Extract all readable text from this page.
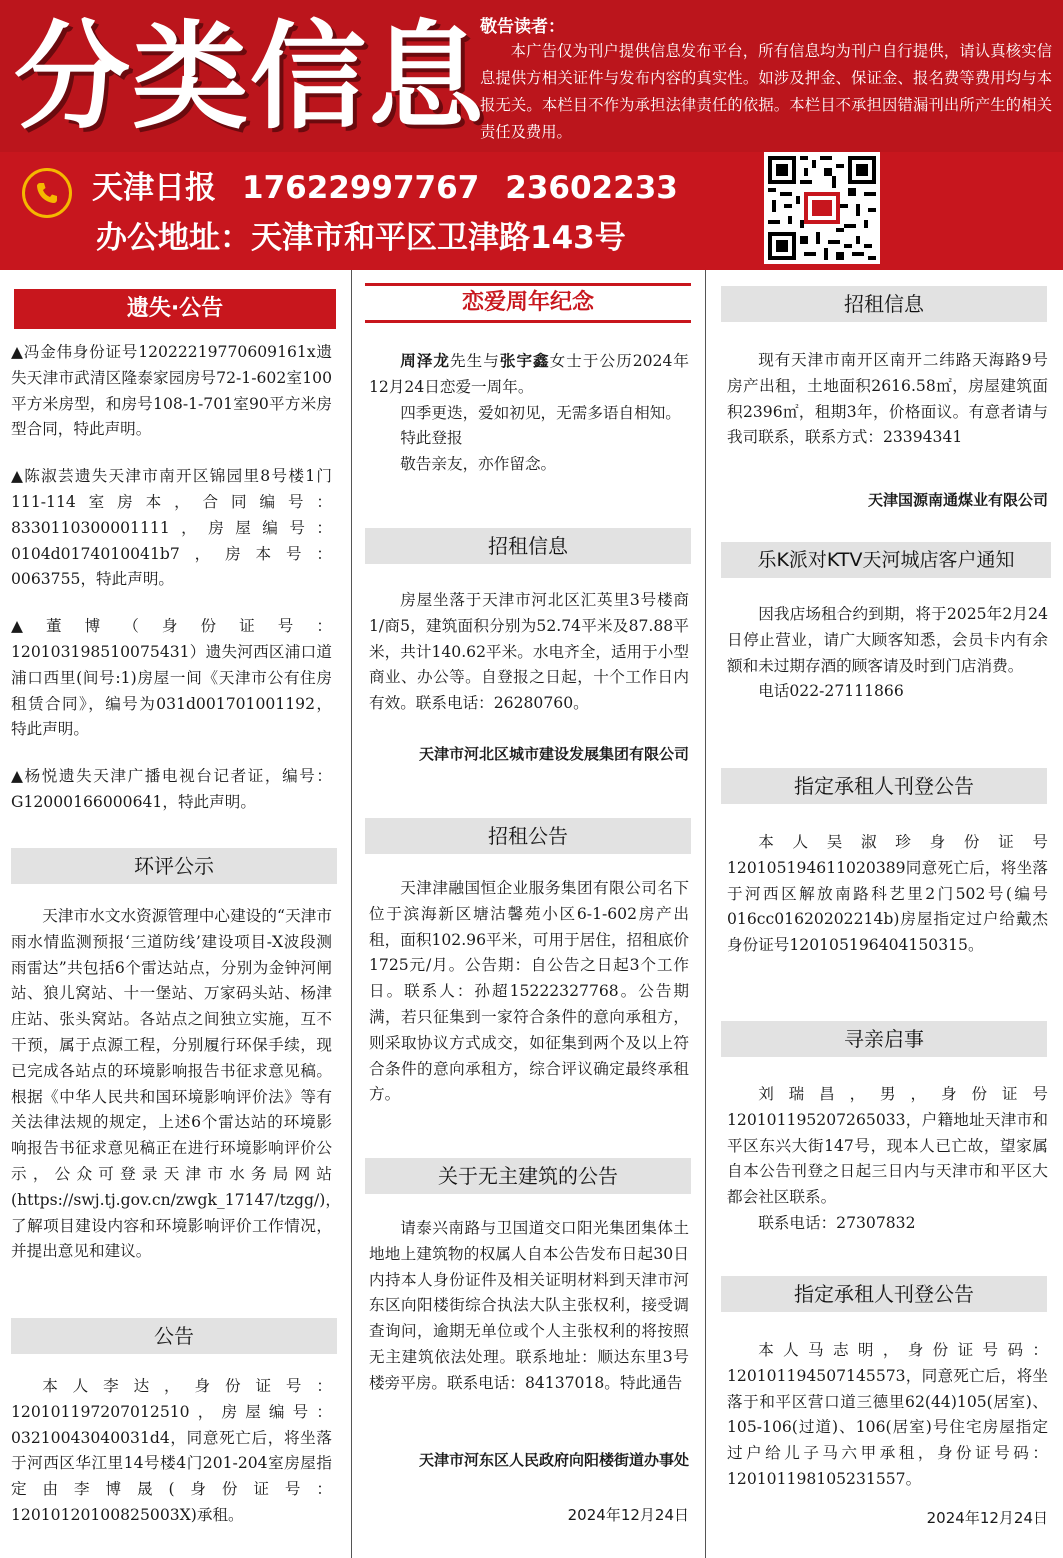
分类信息
敬告读者：
本广告仅为刊户提供信息发布平台，所有信息均为刊户自行提供，请认真核实信息提供方相关证件与发布内容的真实性。如涉及押金、保证金、报名费等费用均与本报无关。本栏目不作为承担法律责任的依据。本栏目不承担因错漏刊出所产生的相关责任及费用。
天津日报 17622997767 23602233
办公地址：天津市和平区卫津路143号
遗失·公告

▲冯金伟身份证号12022219770609161x遗失天津市武清区隆泰家园房号72-1-602室100平方米房型，和房号108-1-701室90平方米房型合同，特此声明。

▲陈淑芸遗失天津市南开区锦园里8号楼1门111-114室房本，合同编号：8330110300001111，房屋编号：0104d0174010041b7，房本号：0063755，特此声明。

▲董博（身份证号：120103198510075431）遗失河西区浦口道浦口西里(间号:1)房屋一间《天津市公有住房租赁合同》，编号为031d001701001192，特此声明。

▲杨悦遗失天津广播电视台记者证，编号：G12000166000641，特此声明。

环评公示

天津市水文水资源管理中心建设的“天津市雨水情监测预报‘三道防线’建设项目-X波段测雨雷达”共包括6个雷达站点，分别为金钟河闸站、狼儿窝站、十一堡站、万家码头站、杨津庄站、张头窝站。各站点之间独立实施，互不干预，属于点源工程，分别履行环保手续，现已完成各站点的环境影响报告书征求意见稿。根据《中华人民共和国环境影响评价法》等有关法律法规的规定，上述6个雷达站的环境影响报告书征求意见稿正在进行环境影响评价公示，公众可登录天津市水务局网站(https://swj.tj.gov.cn/zwgk_17147/tzgg/)，了解项目建设内容和环境影响评价工作情况，并提出意见和建议。

公告

本人李达，身份证号：120101197207012510，房屋编号：03210043040031d4，同意死亡后，将坐落于河西区华江里14号楼4门201-204室房屋指定由李博晟(身份证号：12010120100825003X)承租。

恋爱周年纪念

周泽龙先生与张宇鑫女士于公历2024年12月24日恋爱一周年。

四季更迭，爱如初见，无需多语自相知。

特此登报

敬告亲友，亦作留念。

招租信息

房屋坐落于天津市河北区汇英里3号楼商1/商5，建筑面积分别为52.74平米及87.88平米，共计140.62平米。水电齐全，适用于小型商业、办公等。自登报之日起，十个工作日内有效。联系电话：26280760。

天津市河北区城市建设发展集团有限公司
招租公告

天津津融国恒企业服务集团有限公司名下位于滨海新区塘沽馨苑小区6-1-602房产出租，面积102.96平米，可用于居住，招租底价1725元/月。公告期：自公告之日起3个工作日。联系人：孙超15222327768。公告期满，若只征集到一家符合条件的意向承租方，则采取协议方式成交，如征集到两个及以上符合条件的意向承租方，综合评议确定最终承租方。

关于无主建筑的公告

请泰兴南路与卫国道交口阳光集团集体土地地上建筑物的权属人自本公告发布日起30日内持本人身份证件及相关证明材料到天津市河东区向阳楼街综合执法大队主张权利，接受调查询问，逾期无单位或个人主张权利的将按照无主建筑依法处理。联系地址：顺达东里3号楼旁平房。联系电话：84137018。特此通告

天津市河东区人民政府向阳楼街道办事处
2024年12月24日
招租信息

现有天津市南开区南开二纬路天海路9号房产出租，土地面积2616.58㎡，房屋建筑面积2396㎡，租期3年，价格面议。有意者请与我司联系，联系方式：23394341

天津国源南通煤业有限公司
乐K派对KTV天河城店客户通知

因我店场租合约到期，将于2025年2月24日停止营业，请广大顾客知悉，会员卡内有余额和未过期存酒的顾客请及时到门店消费。

电话022-27111866

指定承租人刊登公告

本人吴淑珍身份证号120105194611020389同意死亡后，将坐落于河西区解放南路科艺里2门502号(编号016cc01620202214b)房屋指定过户给戴杰身份证号120105196404150315。

寻亲启事

刘瑞昌，男，身份证号120101195207265033，户籍地址天津市和平区东兴大街147号，现本人已亡故，望家属自本公告刊登之日起三日内与天津市和平区大都会社区联系。

联系电话：27307832

指定承租人刊登公告

本人马志明，身份证号码：120101194507145573，同意死亡后，将坐落于和平区营口道三德里62(44)105(居室)、105-106(过道)、106(居室)号住宅房屋指定过户给儿子马六甲承租，身份证号码：120101198105231557。

2024年12月24日
